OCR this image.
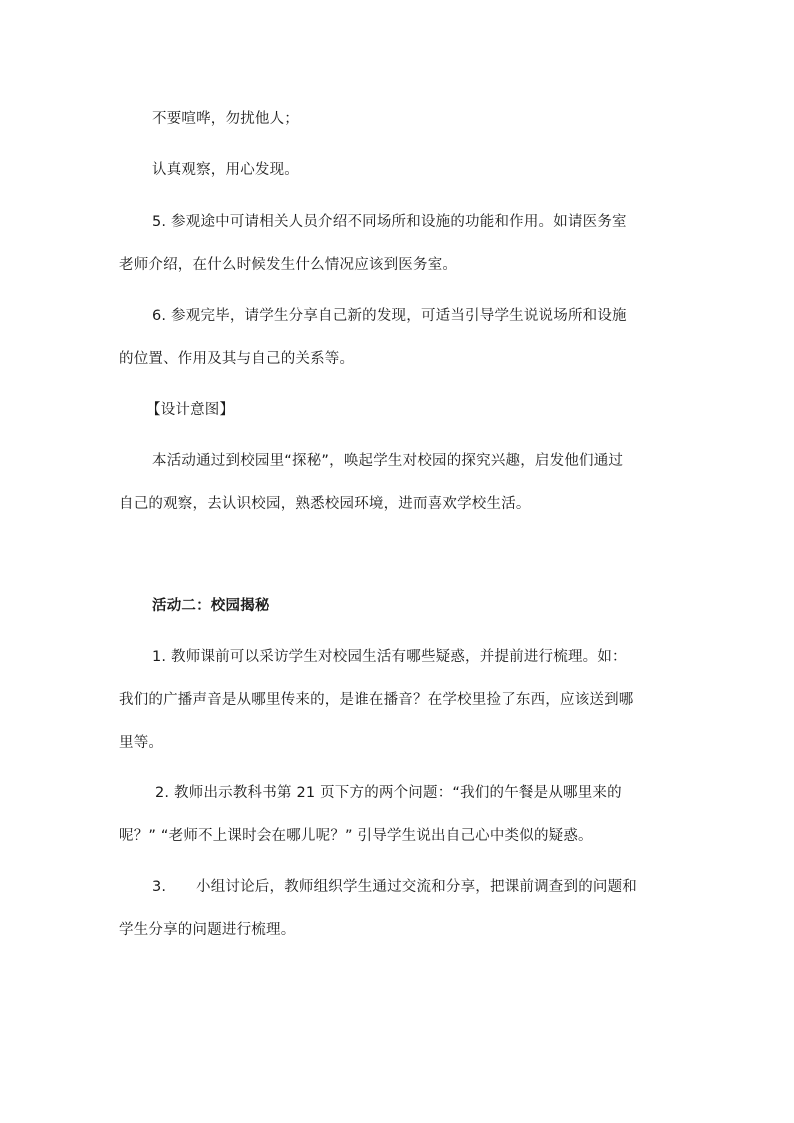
不要喧哗，勿扰他人；
认真观察，用心发现。
5. 参观途中可请相关人员介绍不同场所和设施的功能和作用。如请医务室
老师介绍，在什么时候发生什么情况应该到医务室。
6. 参观完毕，请学生分享自己新的发现，可适当引导学生说说场所和设施
的位置、作用及其与自己的关系等。
【设计意图】
本活动通过到校园里“探秘”，唤起学生对校园的探究兴趣，启发他们通过
自己的观察，去认识校园，熟悉校园环境，进而喜欢学校生活。
活动二：校园揭秘
1. 教师课前可以采访学生对校园生活有哪些疑惑，并提前进行梳理。如：
我们的广播声音是从哪里传来的，是谁在播音？在学校里捡了东西，应该送到哪
里等。
2. 教师出示教科书第 21 页下方的两个问题：“我们的午餐是从哪里来的
呢？” “老师不上课时会在哪儿呢？” 引导学生说出自己心中类似的疑惑。
3. 小组讨论后，教师组织学生通过交流和分享，把课前调查到的问题和
学生分享的问题进行梳理。
